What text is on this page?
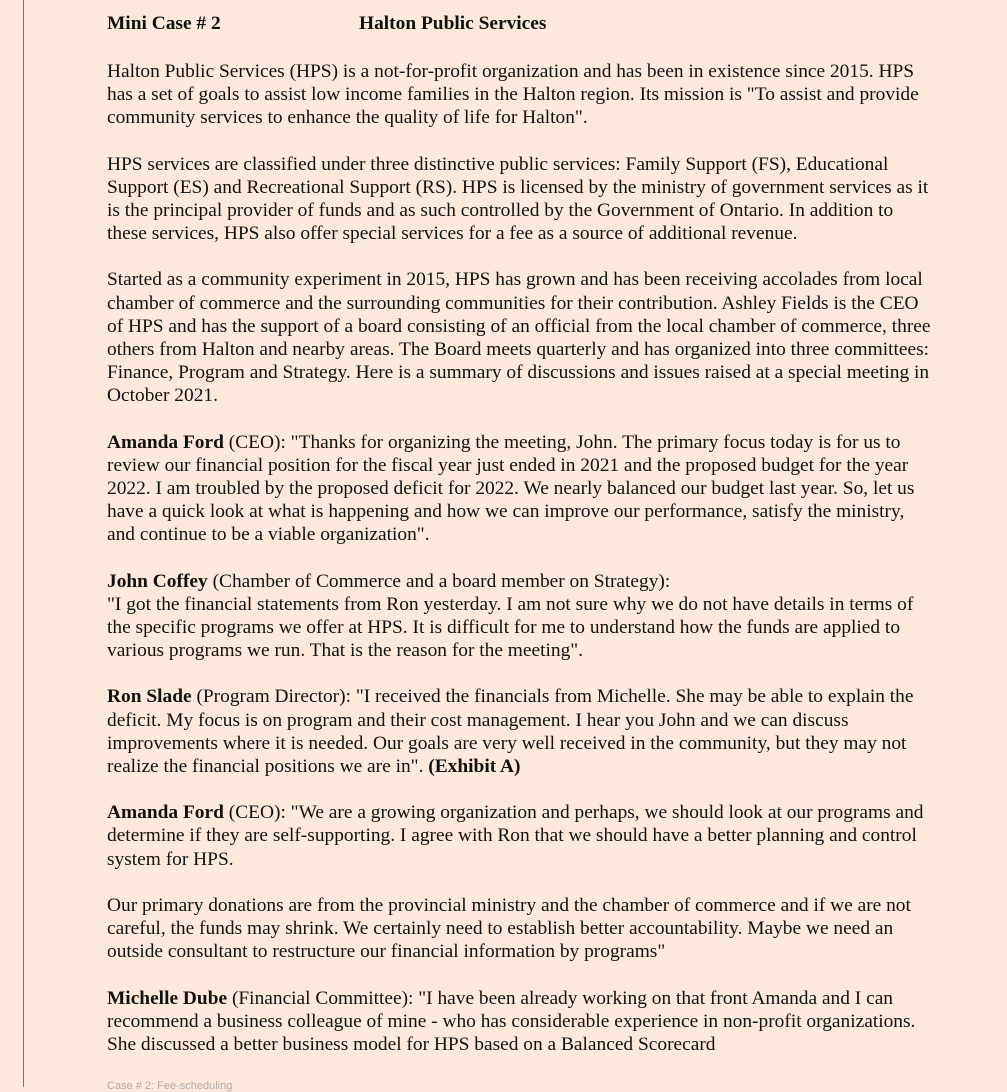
Mini Case # 2	Halton Public Services

Halton Public Services (HPS) is a not-for-profit organization and has been in existence since 2015. HPS has a set of goals to assist low income families in the Halton region. Its mission is "To assist and provide community services to enhance the quality of life for Halton".

HPS services are classified under three distinctive public services: Family Support (FS), Educational Support (ES) and Recreational Support (RS). HPS is licensed by the ministry of government services as it is the principal provider of funds and as such controlled by the Government of Ontario. In addition to these services, HPS also offer special services for a fee as a source of additional revenue.

Started as a community experiment in 2015, HPS has grown and has been receiving accolades from local chamber of commerce and the surrounding communities for their contribution. Ashley Fields is the CEO of HPS and has the support of a board consisting of an official from the local chamber of commerce, three others from Halton and nearby areas. The Board meets quarterly and has organized into three committees: Finance, Program and Strategy. Here is a summary of discussions and issues raised at a special meeting in October 2021.

Amanda Ford (CEO): "Thanks for organizing the meeting, John. The primary focus today is for us to review our financial position for the fiscal year just ended in 2021 and the proposed budget for the year 2022. I am troubled by the proposed deficit for 2022. We nearly balanced our budget last year. So, let us have a quick look at what is happening and how we can improve our performance, satisfy the ministry, and continue to be a viable organization".

John Coffey (Chamber of Commerce and a board member on Strategy):

"I got the financial statements from Ron yesterday. I am not sure why we do not have details in terms of the specific programs we offer at HPS. It is difficult for me to understand how the funds are applied to various programs we run. That is the reason for the meeting".

Ron Slade (Program Director): "I received the financials from Michelle. She may be able to explain the deficit. My focus is on program and their cost management. I hear you John and we can discuss improvements where it is needed. Our goals are very well received in the community, but they may not realize the financial positions we are in". (Exhibit A)

Amanda Ford (CEO): "We are a growing organization and perhaps, we should look at our programs and determine if they are self-supporting. I agree with Ron that we should have a better planning and control system for HPS.

Our primary donations are from the provincial ministry and the chamber of commerce and if we are not careful, the funds may shrink. We certainly need to establish better accountability. Maybe we need an outside consultant to restructure our financial information by programs"

Michelle Dube (Financial Committee): "I have been already working on that front Amanda and I can recommend a business colleague of mine - who has considerable experience in non-profit organizations. She discussed a better business model for HPS based on a Balanced Scorecard

Case # 2: Fee-scheduling
